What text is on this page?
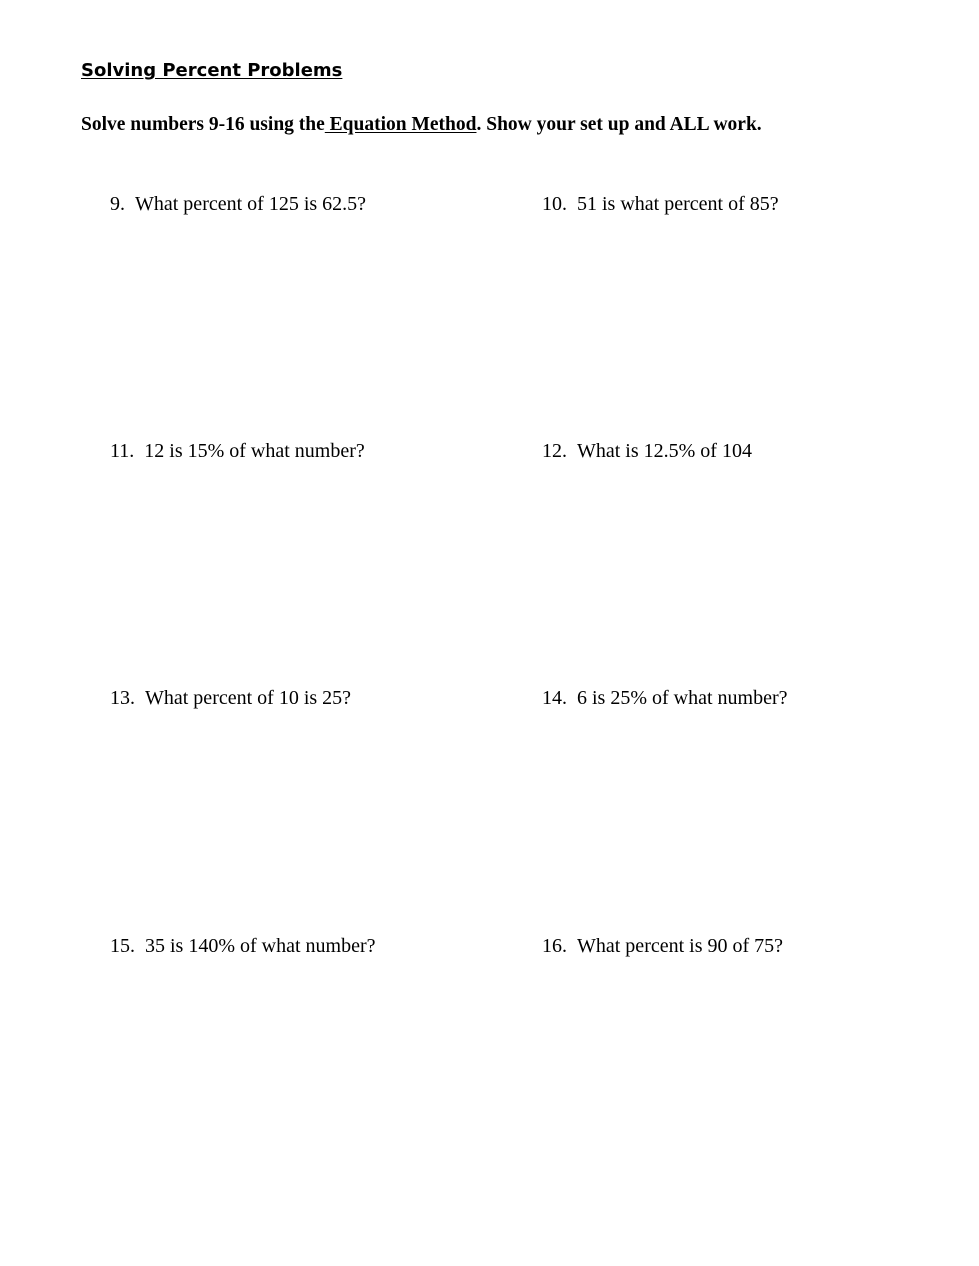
Solving Percent Problems
Solve numbers 9-16 using the Equation Method. Show your set up and ALL work.
9. What percent of 125 is 62.5?	10. 51 is what percent of 85?
11. 12 is 15% of what number?	12. What is 12.5% of 104
13. What percent of 10 is 25?	14. 6 is 25% of what number?
15. 35 is 140% of what number?	16. What percent is 90 of 75?
